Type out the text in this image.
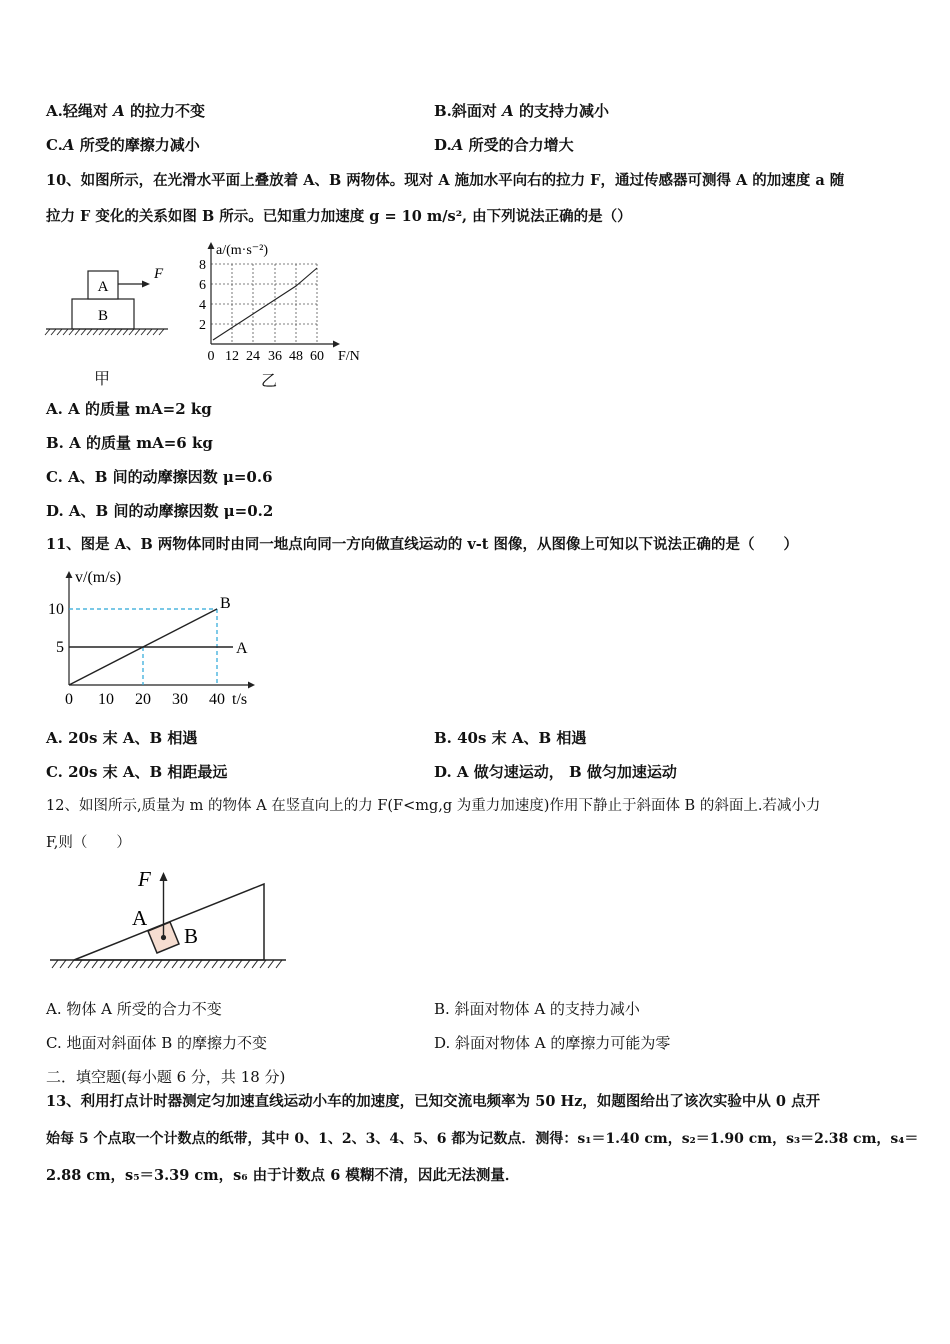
A.轻绳对 A 的拉力不变	B.斜面对 A 的支持力减小
C.A 所受的摩擦力减小	D.A 所受的合力增大
10、如图所示，在光滑水平面上叠放着 A、B 两物体。现对 A 施加水平向右的拉力 F，通过传感器可测得 A 的加速度 a 随
拉力 F 变化的关系如图 B 所示。已知重力加速度 g = 10 m/s², 由下列说法正确的是（）
A
B
F
甲
a/(m·s⁻²)
8
6
4
2
0 12 24 36 48 60 F/N
乙
A. A 的质量 mA=2 kg
B. A 的质量 mA=6 kg
C. A、B 间的动摩擦因数 μ=0.6
D. A、B 间的动摩擦因数 μ=0.2
11、图是 A、B 两物体同时由同一地点向同一方向做直线运动的 v-t 图像，从图像上可知以下说法正确的是（　　）
v/(m/s)
t/s
A
B
0 10 20 30 40
10
5
A. 20s 末 A、B 相遇	B. 40s 末 A、B 相遇
C. 20s 末 A、B 相距最远	D. A 做匀速运动， B 做匀加速运动
12、如图所示,质量为 m 的物体 A 在竖直向上的力 F(F<mg,g 为重力加速度)作用下静止于斜面体 B 的斜面上.若减小力
F,则（　　）
F
A
B
A. 物体 A 所受的合力不变	B. 斜面对物体 A 的支持力减小
C. 地面对斜面体 B 的摩擦力不变	D. 斜面对物体 A 的摩擦力可能为零
二．填空题(每小题 6 分，共 18 分)
13、利用打点计时器测定匀加速直线运动小车的加速度，已知交流电频率为 50 Hz，如题图给出了该次实验中从 0 点开
始每 5 个点取一个计数点的纸带，其中 0、1、2、3、4、5、6 都为记数点．测得：s₁＝1.40 cm，s₂＝1.90 cm，s₃＝2.38 cm，s₄＝
2.88 cm，s₅＝3.39 cm，s₆ 由于计数点 6 模糊不清，因此无法测量．
